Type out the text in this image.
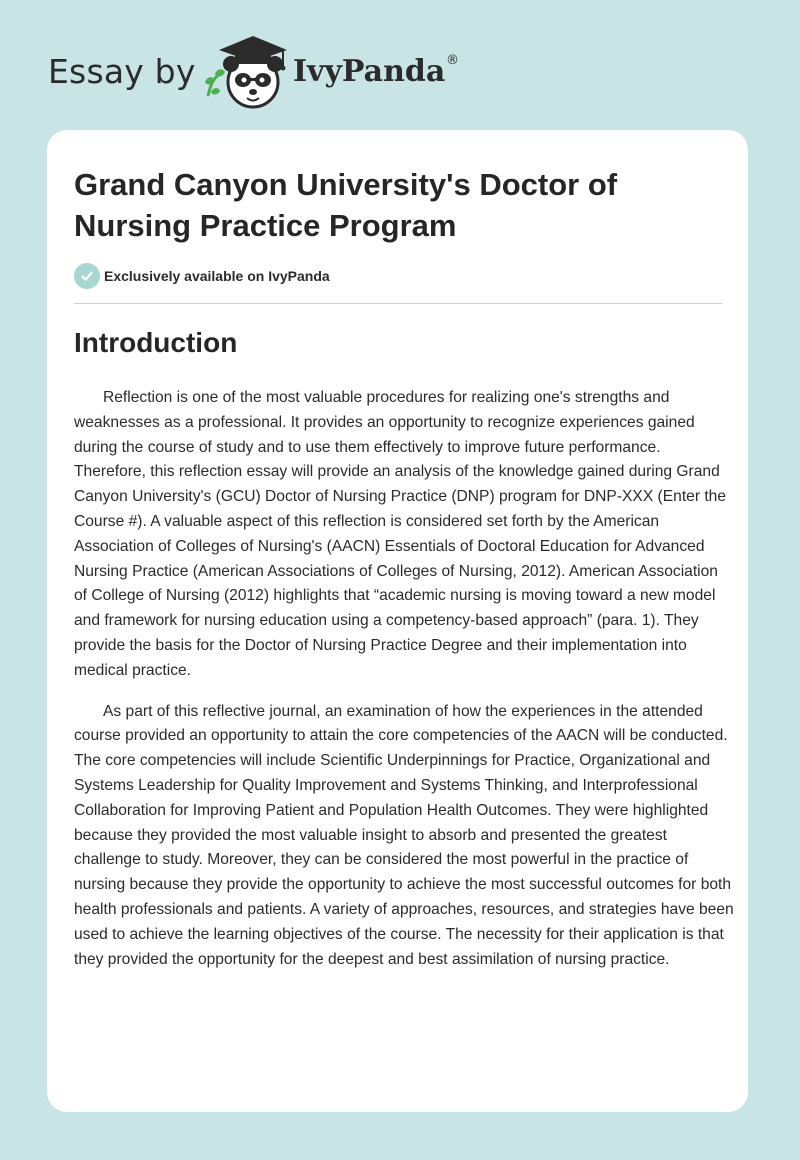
Essay by	IvyPanda ®
Grand Canyon University's Doctor of Nursing Practice Program
Exclusively available on IvyPanda
Introduction

Reflection is one of the most valuable procedures for realizing one's strengths and weaknesses as a professional. It provides an opportunity to recognize experiences gained during the course of study and to use them effectively to improve future performance. Therefore, this reflection essay will provide an analysis of the knowledge gained during Grand Canyon University's (GCU) Doctor of Nursing Practice (DNP) program for DNP-XXX (Enter the Course #). A valuable aspect of this reflection is considered set forth by the American Association of Colleges of Nursing's (AACN) Essentials of Doctoral Education for Advanced Nursing Practice (American Associations of Colleges of Nursing, 2012). American Association of College of Nursing (2012) highlights that “academic nursing is moving toward a new model and framework for nursing education using a competency-based approach” (para. 1). They provide the basis for the Doctor of Nursing Practice Degree and their implementation into medical practice.

As part of this reflective journal, an examination of how the experiences in the attended course provided an opportunity to attain the core competencies of the AACN will be conducted. The core competencies will include Scientific Underpinnings for Practice, Organizational and Systems Leadership for Quality Improvement and Systems Thinking, and Interprofessional Collaboration for Improving Patient and Population Health Outcomes. They were highlighted because they provided the most valuable insight to absorb and presented the greatest challenge to study. Moreover, they can be considered the most powerful in the practice of nursing because they provide the opportunity to achieve the most successful outcomes for both health professionals and patients. A variety of approaches, resources, and strategies have been used to achieve the learning objectives of the course. The necessity for their application is that they provided the opportunity for the deepest and best assimilation of nursing practice.
